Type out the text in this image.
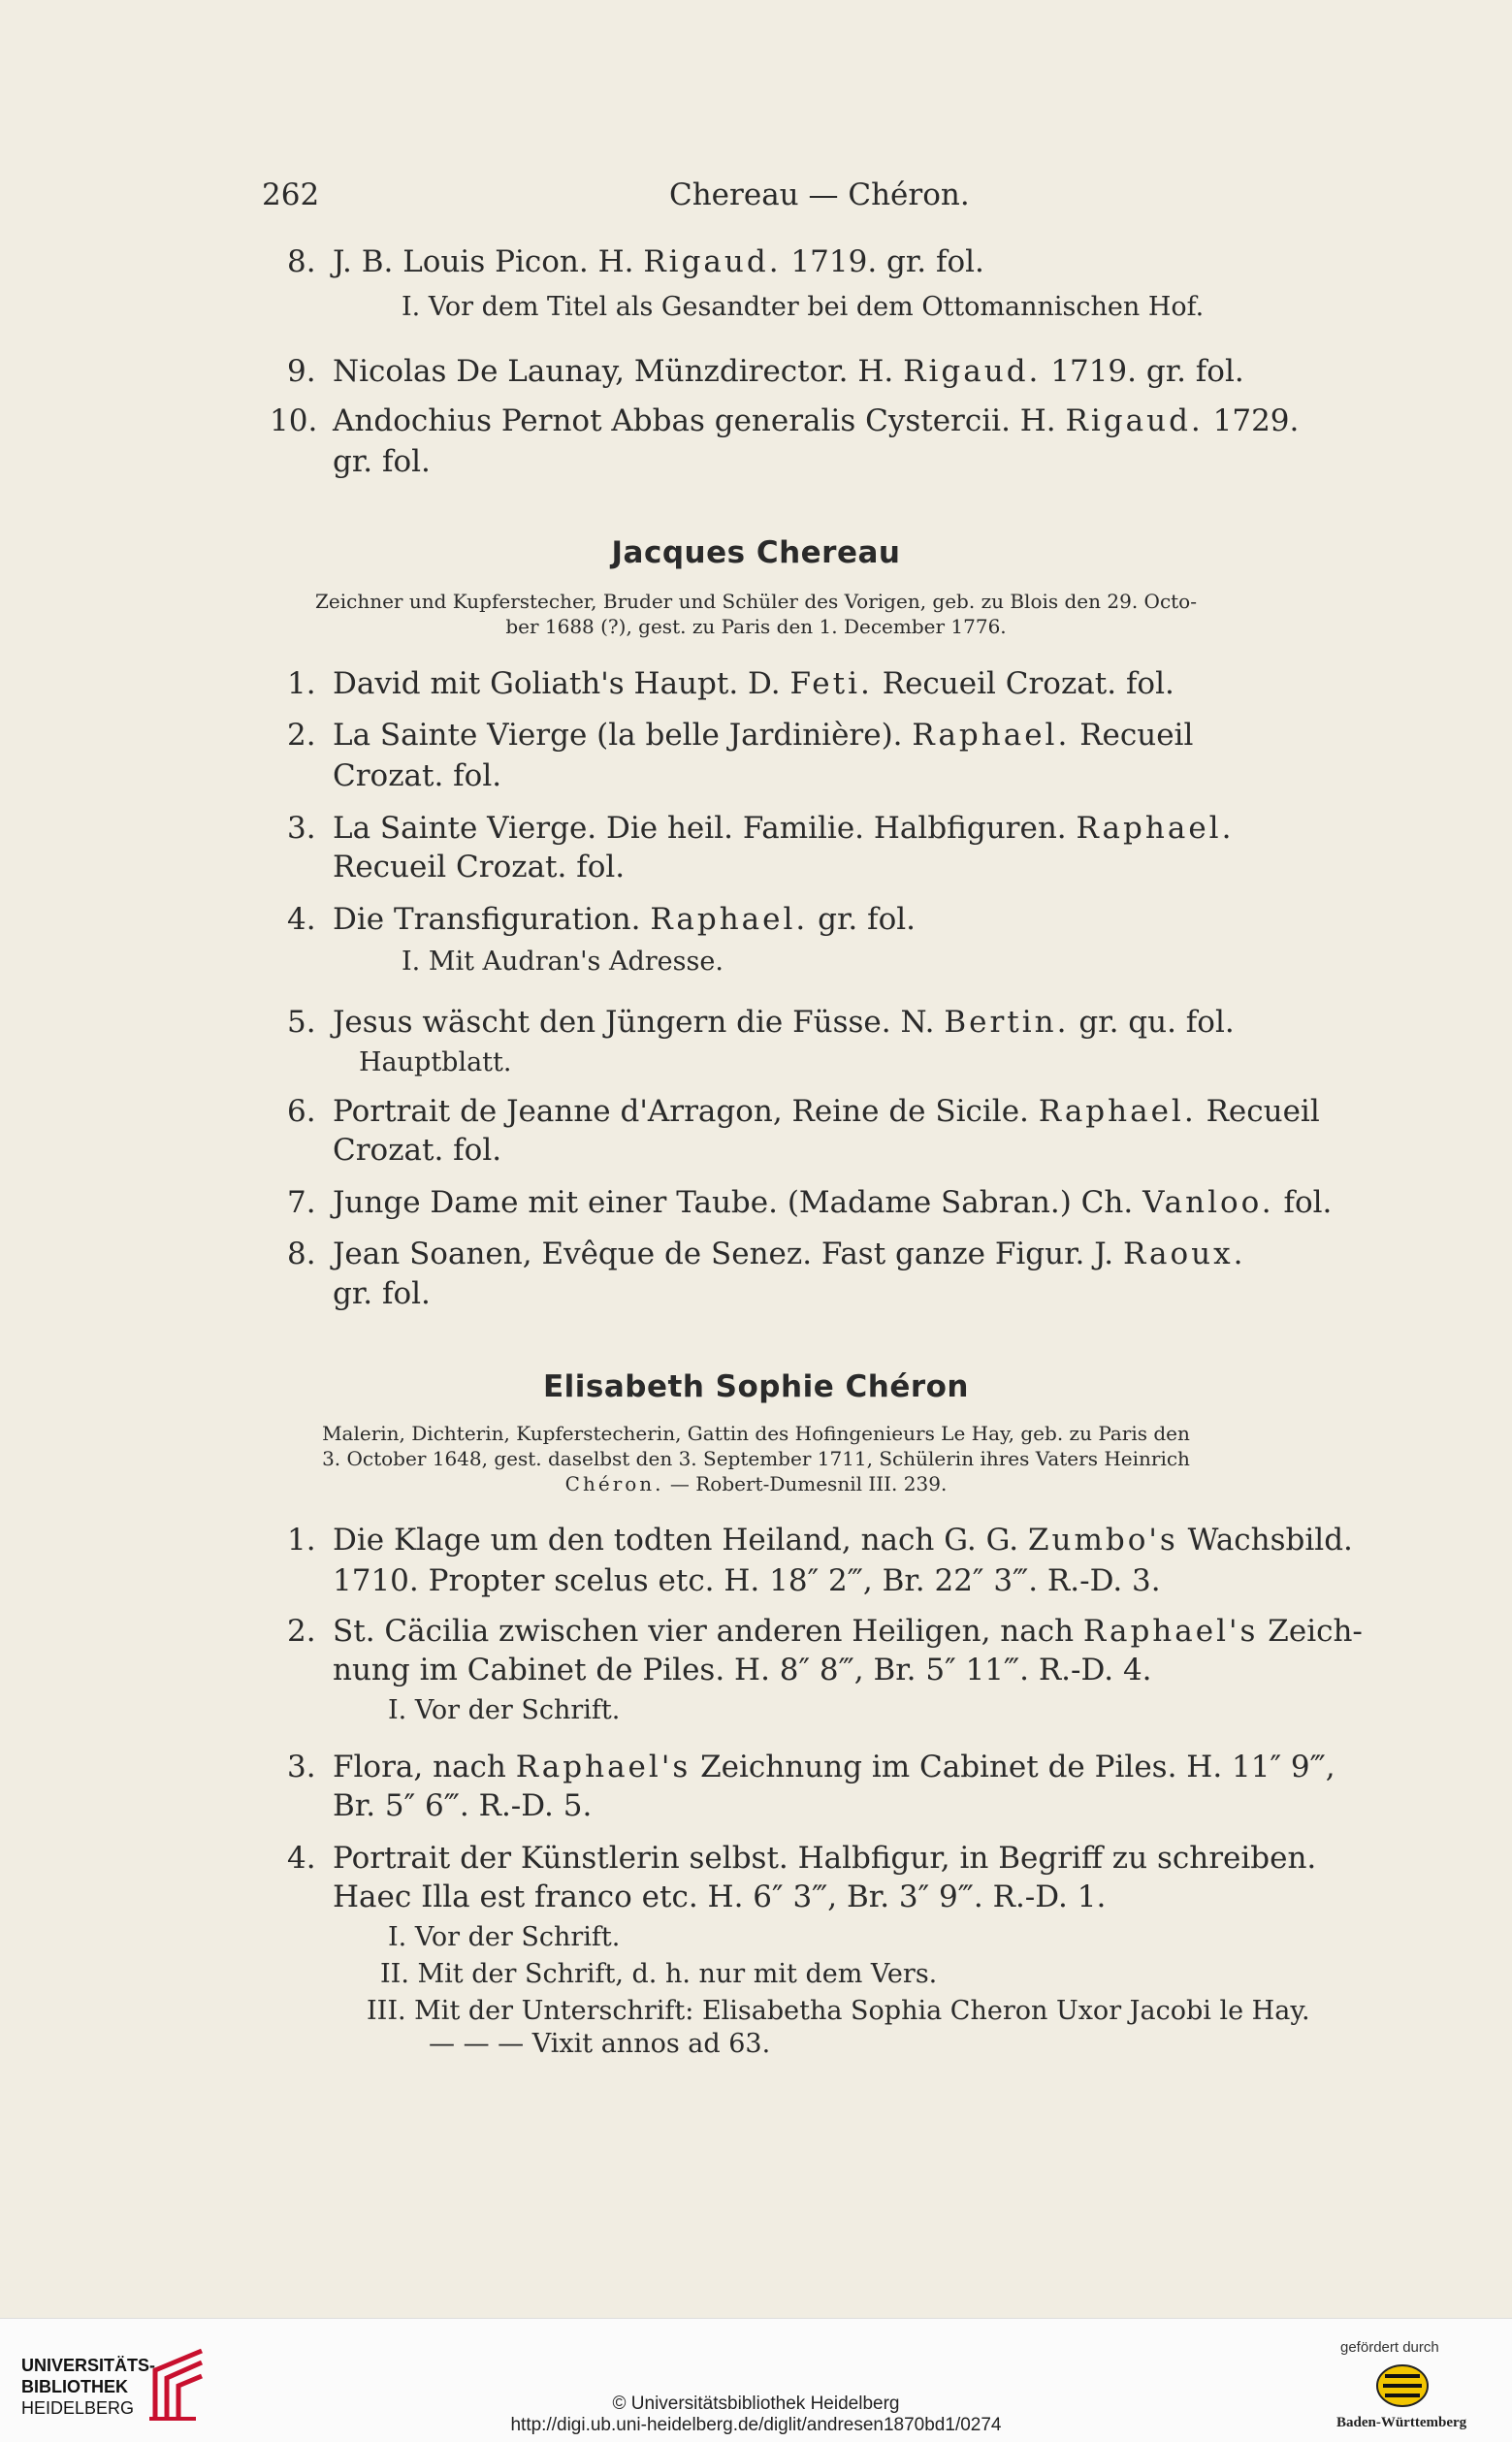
262	Chereau — Chéron.
8. J. B. Louis Picon. H. Rigaud. 1719. gr. fol.
I. Vor dem Titel als Gesandter bei dem Ottomannischen Hof.
9. Nicolas De Launay, Münzdirector. H. Rigaud. 1719. gr. fol.
10. Andochius Pernot Abbas generalis Cystercii. H. Rigaud. 1729.
gr. fol.
Jacques Chereau
Zeichner und Kupferstecher, Bruder und Schüler des Vorigen, geb. zu Blois den 29. Octo-
ber 1688 (?), gest. zu Paris den 1. December 1776.
1. David mit Goliath's Haupt. D. Feti. Recueil Crozat. fol.
2. La Sainte Vierge (la belle Jardinière). Raphael. Recueil
Crozat. fol.
3. La Sainte Vierge. Die heil. Familie. Halbfiguren. Raphael.
Recueil Crozat. fol.
4. Die Transfiguration. Raphael. gr. fol.
I. Mit Audran's Adresse.
5. Jesus wäscht den Jüngern die Füsse. N. Bertin. gr. qu. fol.
Hauptblatt.
6. Portrait de Jeanne d'Arragon, Reine de Sicile. Raphael. Recueil
Crozat. fol.
7. Junge Dame mit einer Taube. (Madame Sabran.) Ch. Vanloo. fol.
8. Jean Soanen, Evêque de Senez. Fast ganze Figur. J. Raoux.
gr. fol.
Elisabeth Sophie Chéron
Malerin, Dichterin, Kupferstecherin, Gattin des Hofingenieurs Le Hay, geb. zu Paris den
3. October 1648, gest. daselbst den 3. September 1711, Schülerin ihres Vaters Heinrich
Chéron. — Robert-Dumesnil III. 239.
1. Die Klage um den todten Heiland, nach G. G. Zumbo's Wachsbild.
1710. Propter scelus etc. H. 18″ 2‴, Br. 22″ 3‴. R.-D. 3.
2. St. Cäcilia zwischen vier anderen Heiligen, nach Raphael's Zeich-
nung im Cabinet de Piles. H. 8″ 8‴, Br. 5″ 11‴. R.-D. 4.
I. Vor der Schrift.
3. Flora, nach Raphael's Zeichnung im Cabinet de Piles. H. 11″ 9‴,
Br. 5″ 6‴. R.-D. 5.
4. Portrait der Künstlerin selbst. Halbfigur, in Begriff zu schreiben.
Haec Illa est franco etc. H. 6″ 3‴, Br. 3″ 9‴. R.-D. 1.
I. Vor der Schrift.
II. Mit der Schrift, d. h. nur mit dem Vers.
III. Mit der Unterschrift: Elisabetha Sophia Cheron Uxor Jacobi le Hay.
— — — Vixit annos ad 63.
UNIVERSITÄTS-
BIBLIOTHEK
HEIDELBERG	© Universitätsbibliothek Heidelberg
http://digi.ub.uni-heidelberg.de/diglit/andresen1870bd1/0274
gefördert durch
Baden-Württemberg
